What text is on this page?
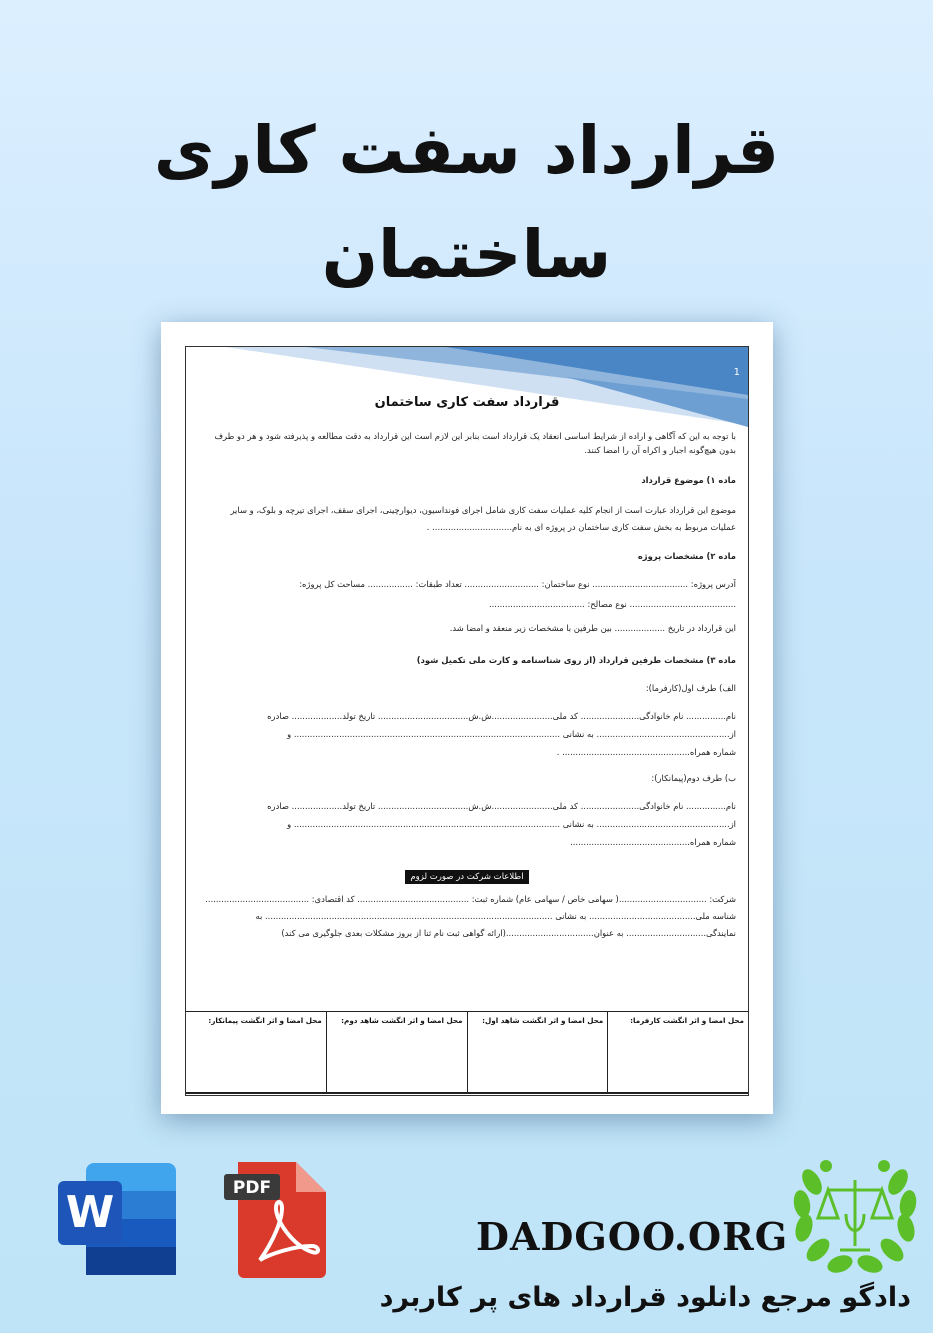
قرارداد سفت کاری
ساختمان
1
قرارداد سفت کاری ساختمان
با توجه به این که آگاهی و اراده از شرایط اساسی انعقاد یک قرارداد است بنابر این لازم است این قرارداد به دقت مطالعه و پذیرفته شود و هر دو طرف
بدون هیچ‌گونه اجبار و اکراه آن را امضا کنند.
ماده ۱) موضوع قرارداد
موضوع این قرارداد عبارت است از انجام کلیه عملیات سفت کاری شامل اجرای فونداسیون، دیوارچینی، اجرای سقف، اجرای تیرچه و بلوک، و سایر
عملیات مربوط به بخش سفت کاری ساختمان در پروژه ای به نام.............................. .
ماده ۲) مشخصات پروژه
آدرس پروژه: .................................... نوع ساختمان: ............................ تعداد طبقات: ................. مساحت کل پروژه:
........................................ نوع مصالح: ....................................
این قرارداد در تاریخ ................... بین طرفین با مشخصات زیر منعقد و امضا شد.
ماده ۳) مشخصات طرفین قرارداد (از روی شناسنامه و کارت ملی تکمیل شود)
الف) طرف اول(کارفرما):
نام............... نام خانوادگی...................... کد ملی.......................ش.ش.................................. تاریخ تولد................... صادره
از.................................................. به نشانی .................................................................................................... و
شماره همراه................................................ .
ب) طرف دوم(پیمانکار):
نام............... نام خانوادگی...................... کد ملی.......................ش.ش.................................. تاریخ تولد................... صادره
از.................................................. به نشانی .................................................................................................... و
شماره همراه.............................................
اطلاعات شرکت در صورت لزوم
شرکت: .................................( سهامی خاص / سهامی عام) شماره ثبت: .......................................... کد اقتصادی: .......................................
شناسه ملی........................................ به نشانی ............................................................................................................ به
نمایندگی.............................. به عنوان.................................(ارائه گواهی ثبت نام ثنا از بروز مشکلات بعدی جلوگیری می کند)
محل امضا و اثر انگشت کارفرما:
محل امضا و اثر انگشت شاهد اول:
محل امضا و اثر انگشت شاهد دوم:
محل امضا و اثر انگشت پیمانکار:
W	PDF
DADGOO.ORG
دادگو مرجع دانلود قرارداد های پر کاربرد
